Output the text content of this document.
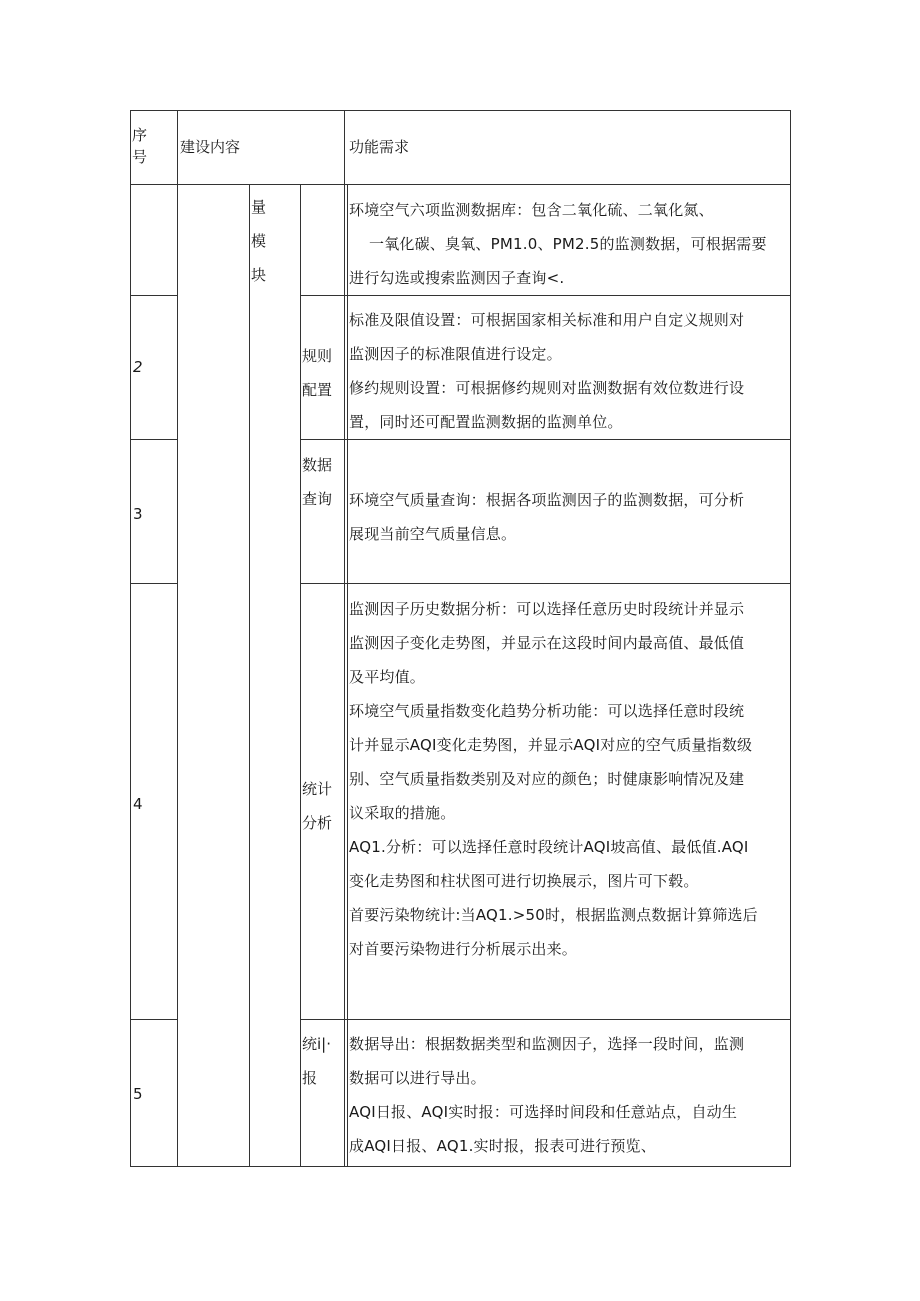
序
号
建设内容	功能需求
量
模
块

环境空气六项监测数据库：包含二氧化硫、二氧化氮、

一氧化碳、臭氧、PM1.0、PM2.5的监测数据，可根据需要

进行勾选或搜索监测因子查询<.

2
规则
配置

标准及限值设置：可根据国家相关标准和用户自定义规则对

监测因子的标准限值进行设定。

修约规则设置：可根据修约规则对监测数据有效位数进行设

置，同时还可配置监测数据的监测单位。

3
数据
查询 环境空气质量查询：根据各项监测因子的监测数据，可分析

展现当前空气质量信息。

4
统计
分析

监测因子历史数据分析：可以选择任意历史时段统计并显示

监测因子变化走势图，并显示在这段时间内最高值、最低值

及平均值。

环境空气质量指数变化趋势分析功能：可以选择任意时段统

计并显示AQI变化走势图，并显示AQI对应的空气质量指数级

别、空气质量指数类别及对应的颜色；时健康影响情况及建

议采取的措施。

AQ1.分析：可以选择任意时段统计AQI坡高值、最低值.AQI

变化走势图和柱状图可进行切换展示，图片可下毂。

首要污染物统计:当AQ1.>50时，根据监测点数据计算筛选后

对首要污染物进行分析展示出来。

5
统i|·
报

数据导出：根据数据类型和监测因子，选择一段时间，监测

数据可以进行导出。

AQI日报、AQI实时报：可选择时间段和任意站点，自动生

成AQI日报、AQ1.实时报，报表可进行预览、
